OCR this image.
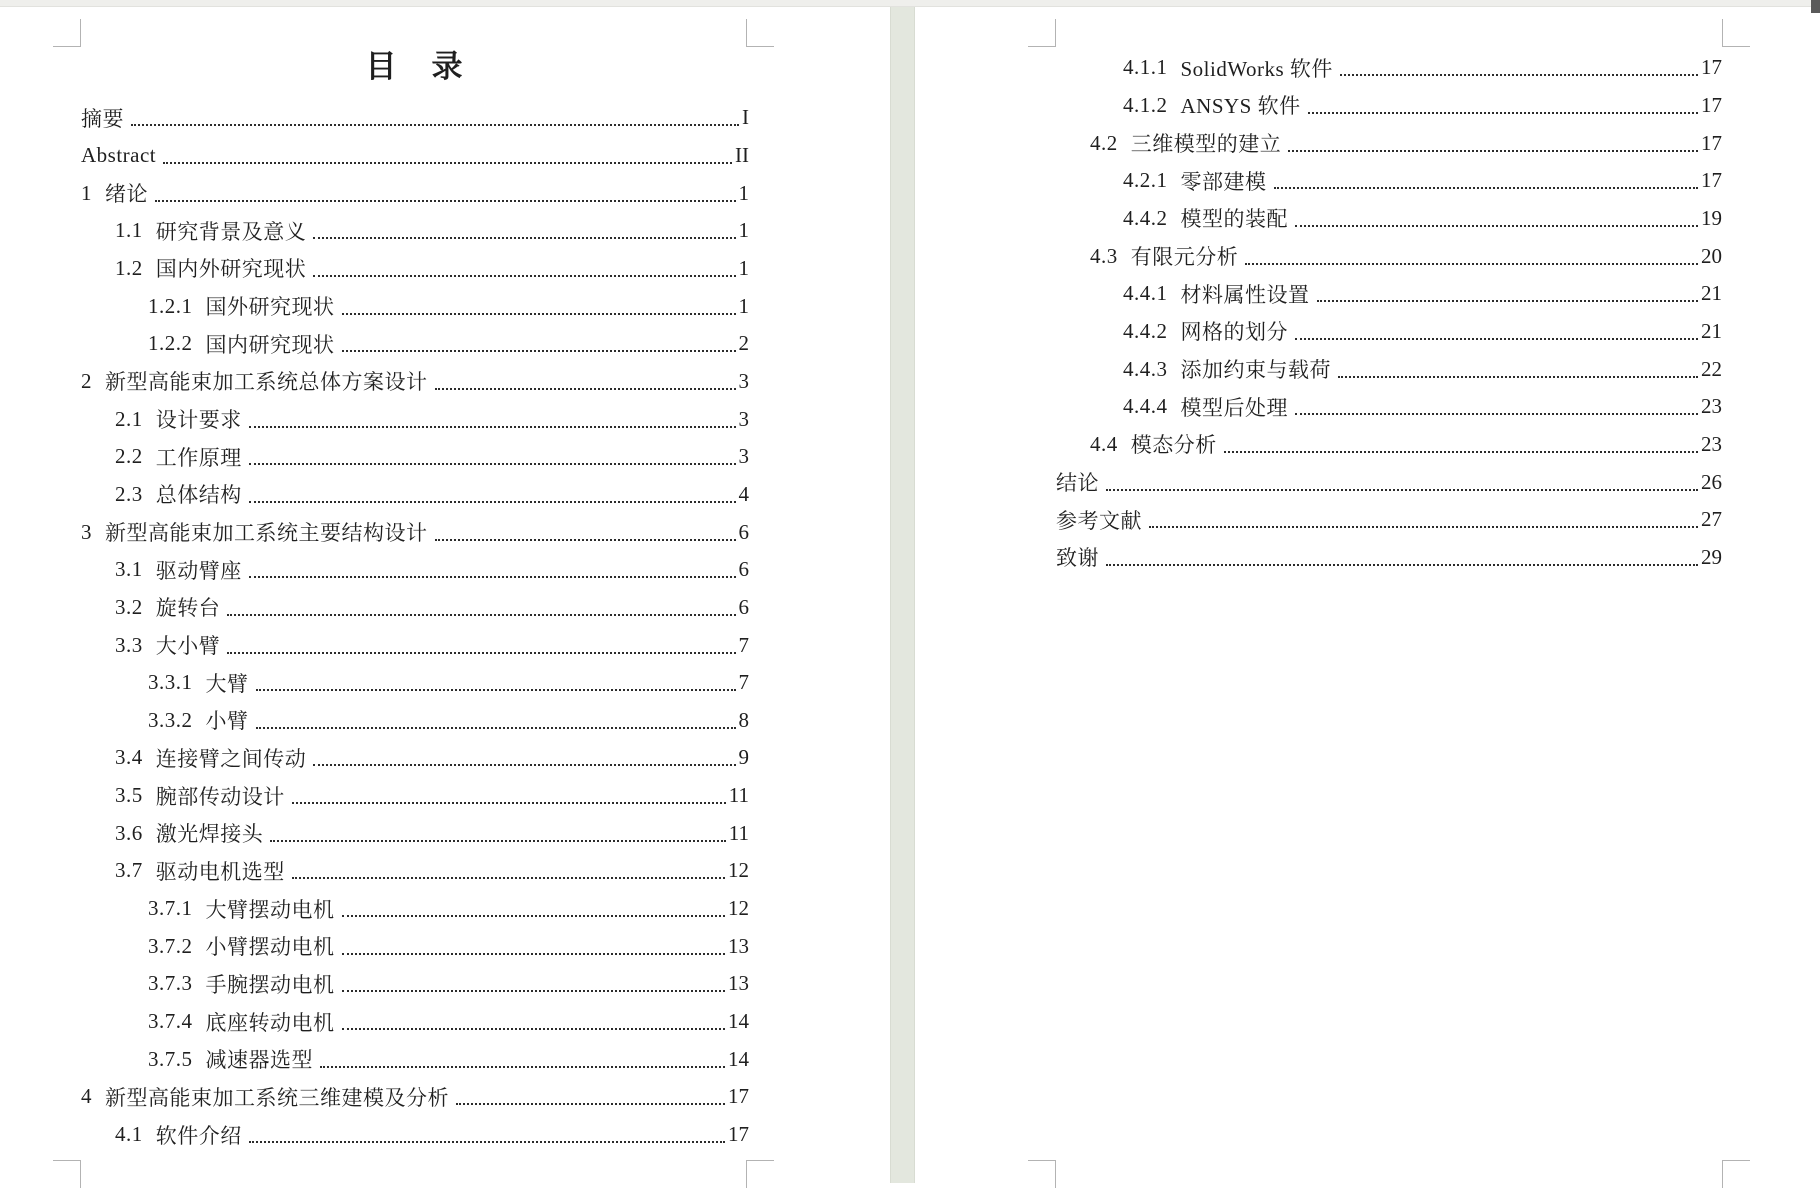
目　录
摘要	I
Abstract	II
1 绪论	1
1.1 研究背景及意义	1
1.2 国内外研究现状	1
1.2.1 国外研究现状	1
1.2.2 国内研究现状	2
2 新型高能束加工系统总体方案设计	3
2.1 设计要求	3
2.2 工作原理	3
2.3 总体结构	4
3 新型高能束加工系统主要结构设计	6
3.1 驱动臂座	6
3.2 旋转台	6
3.3 大小臂	7
3.3.1 大臂	7
3.3.2 小臂	8
3.4 连接臂之间传动	9
3.5 腕部传动设计	11
3.6 激光焊接头	11
3.7 驱动电机选型	12
3.7.1 大臂摆动电机	12
3.7.2 小臂摆动电机	13
3.7.3 手腕摆动电机	13
3.7.4 底座转动电机	14
3.7.5 减速器选型	14
4 新型高能束加工系统三维建模及分析	17
4.1 软件介绍	17
4.1.1 SolidWorks 软件	17
4.1.2 ANSYS 软件	17
4.2 三维模型的建立	17
4.2.1 零部建模	17
4.4.2 模型的装配	19
4.3 有限元分析	20
4.4.1 材料属性设置	21
4.4.2 网格的划分	21
4.4.3 添加约束与载荷	22
4.4.4 模型后处理	23
4.4 模态分析	23
结论	26
参考文献	27
致谢	29
